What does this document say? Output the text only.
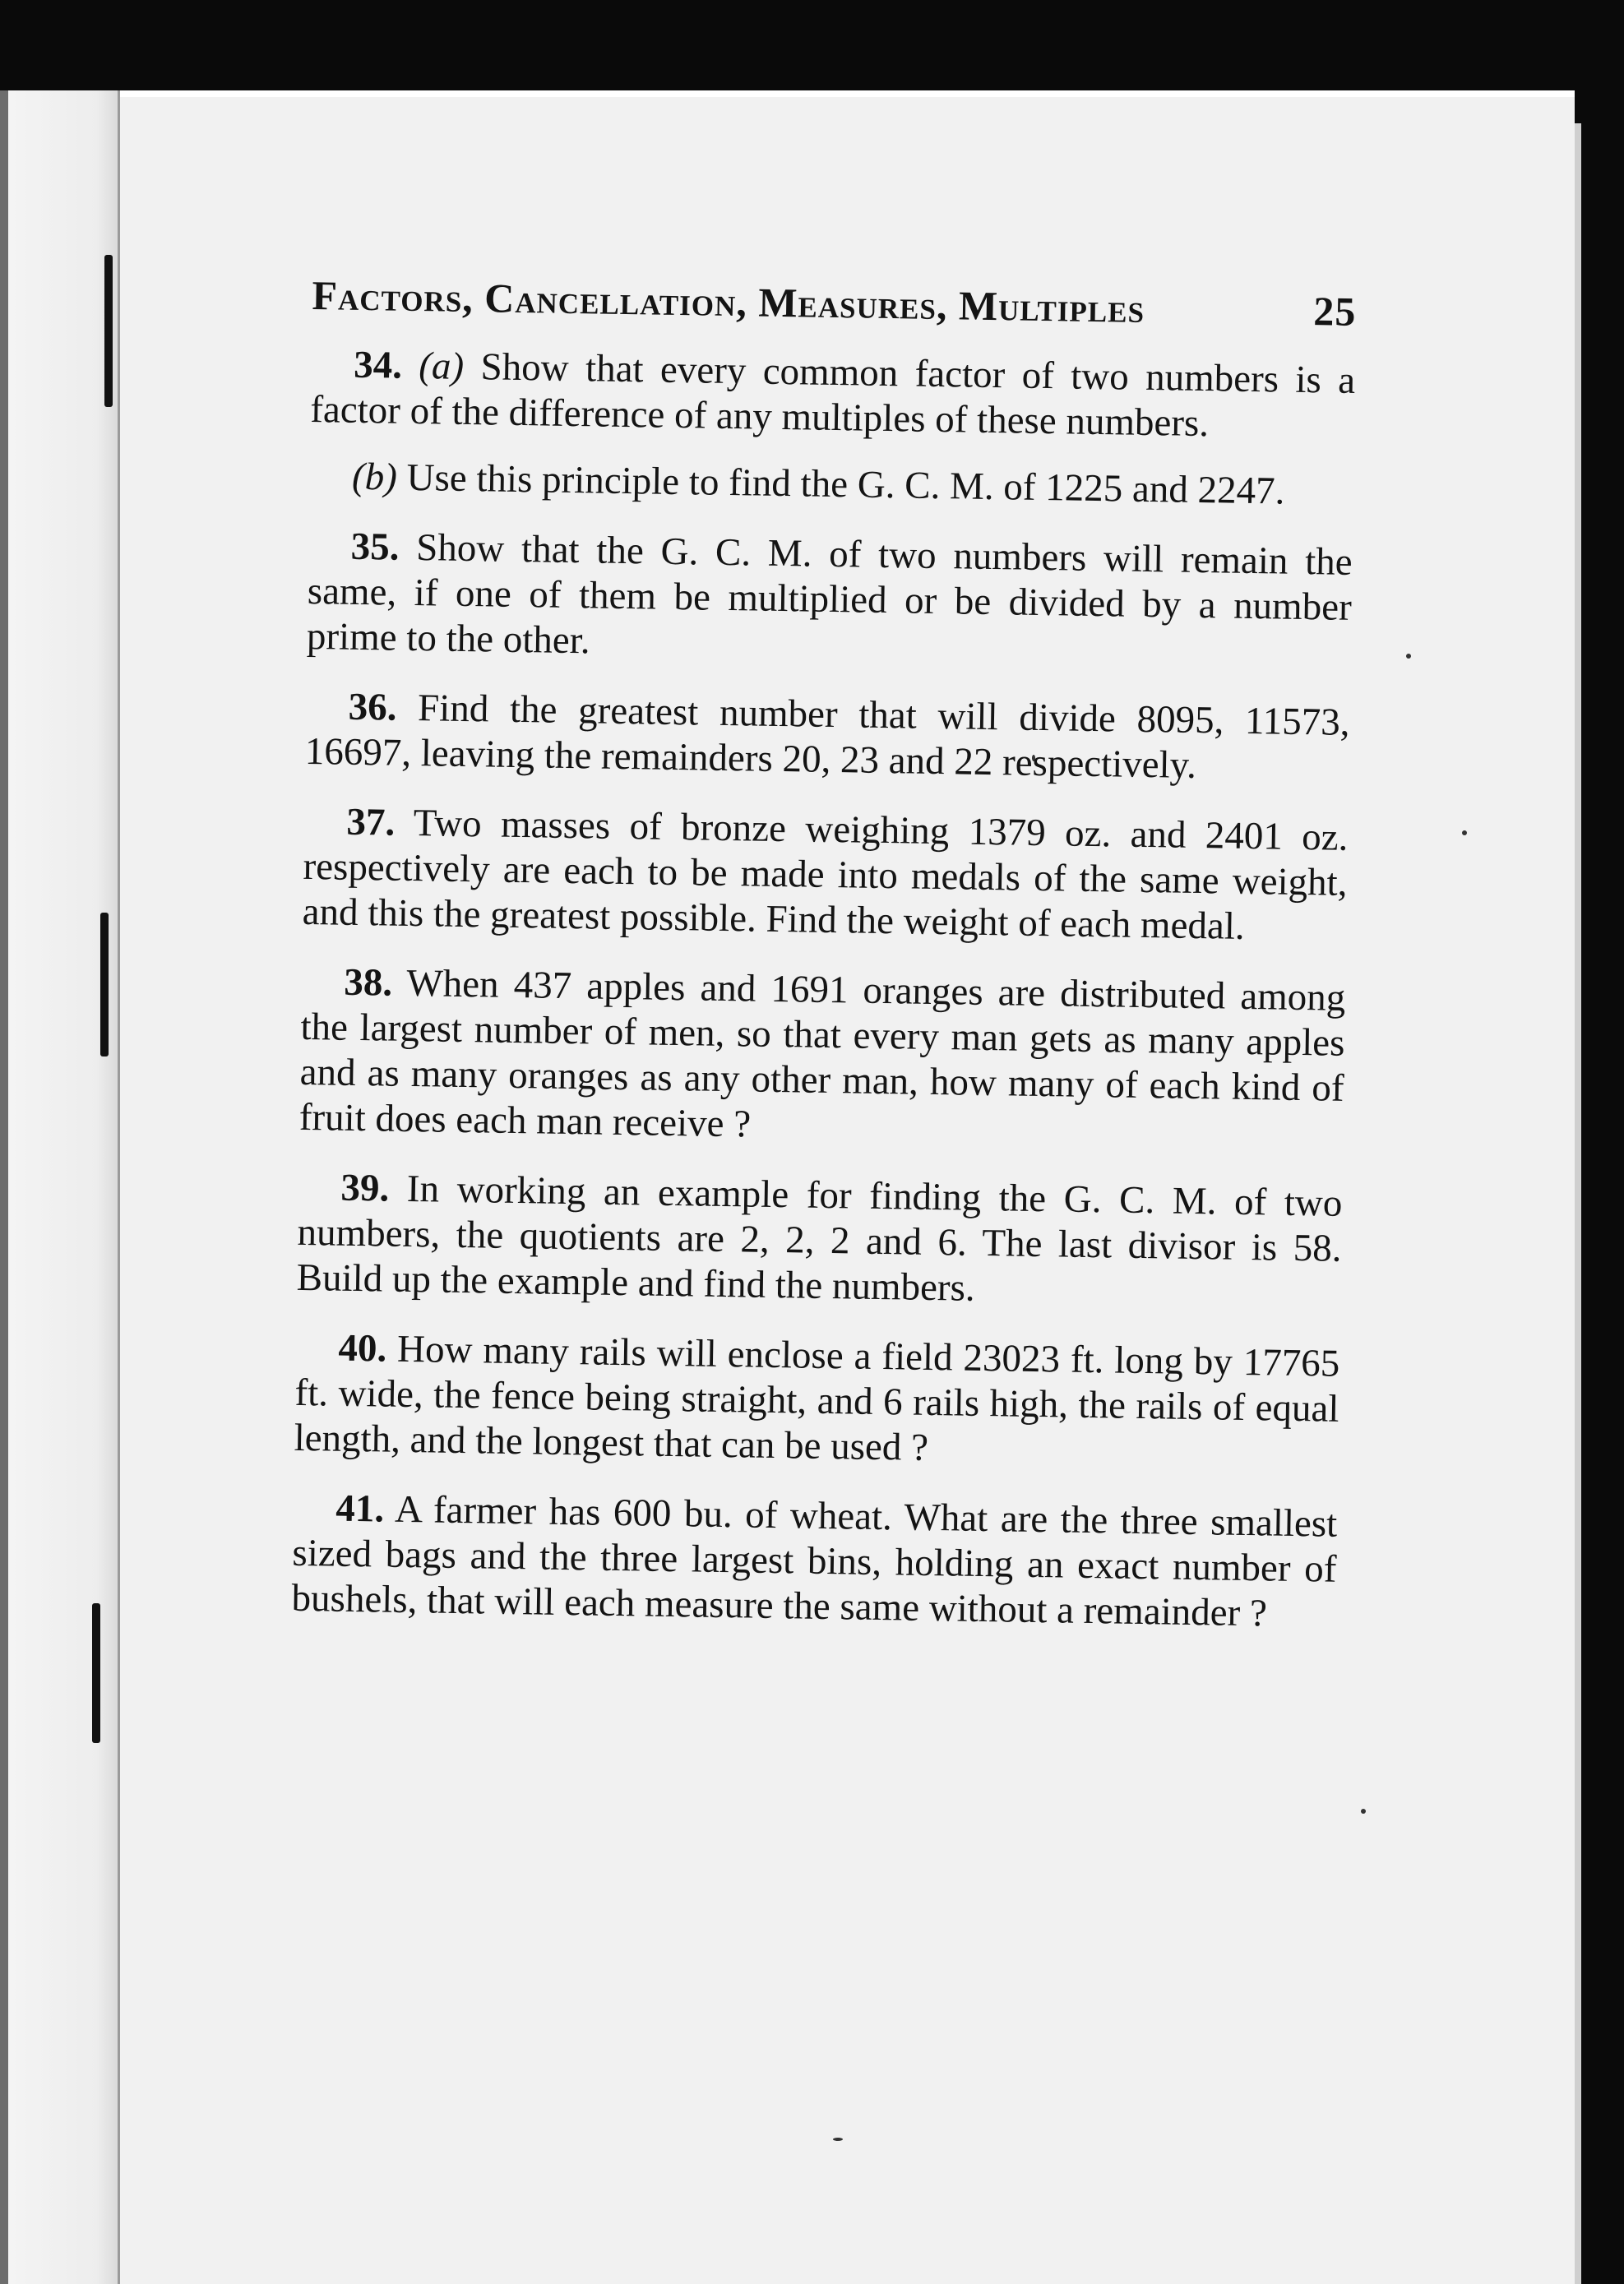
Factors, Cancellation, Measures, Multiples	25

34. (a) Show that every common factor of two numbers is a factor of the difference of any multiples of these numbers.

(b) Use this principle to find the G. C. M. of 1225 and 2247.

35. Show that the G. C. M. of two numbers will remain the same, if one of them be multiplied or be divided by a number prime to the other.

36. Find the greatest number that will divide 8095, 11573, 16697, leaving the remainders 20, 23 and 22 respectively.

37. Two masses of bronze weighing 1379 oz. and 2401 oz. respectively are each to be made into medals of the same weight, and this the greatest possible. Find the weight of each medal.

38. When 437 apples and 1691 oranges are distributed among the largest number of men, so that every man gets as many apples and as many oranges as any other man, how many of each kind of fruit does each man receive ?

39. In working an example for finding the G. C. M. of two numbers, the quotients are 2, 2, 2 and 6. The last divisor is 58. Build up the example and find the numbers.

40. How many rails will enclose a field 23023 ft. long by 17765 ft. wide, the fence being straight, and 6 rails high, the rails of equal length, and the longest that can be used ?

41. A farmer has 600 bu. of wheat. What are the three smallest sized bags and the three largest bins, holding an exact number of bushels, that will each measure the same without a remainder ?
